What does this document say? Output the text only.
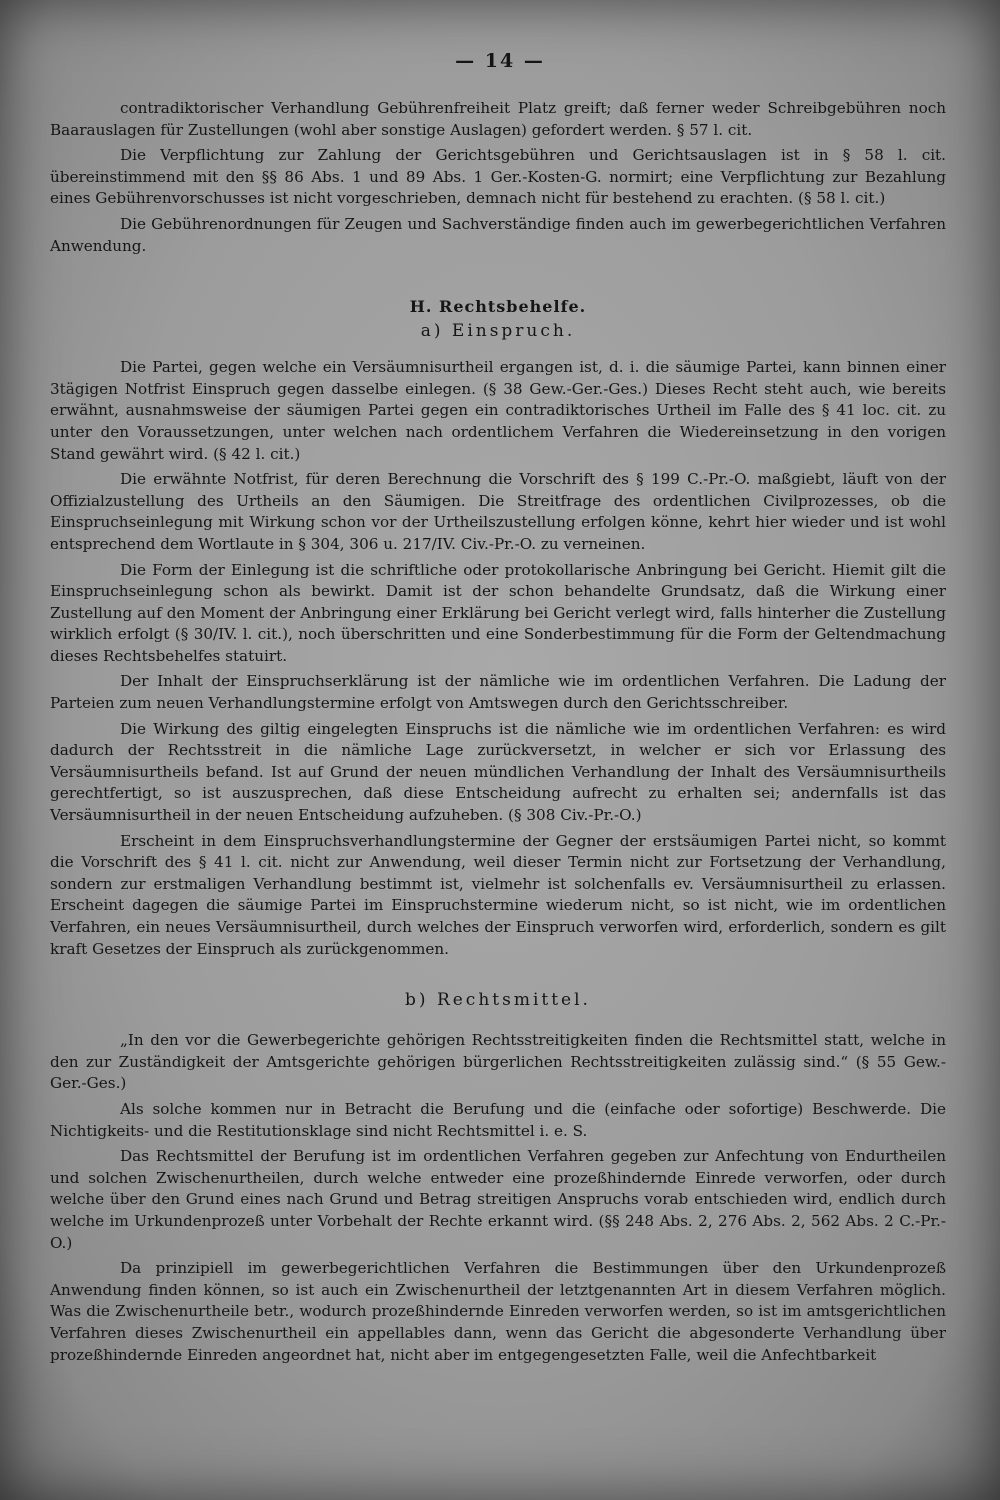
— 14 —

contradiktorischer Verhandlung Gebührenfreiheit Platz greift; daß ferner weder Schreibgebühren noch Baarauslagen für Zustellungen (wohl aber sonstige Auslagen) gefordert werden. § 57 l. cit.

Die Verpflichtung zur Zahlung der Gerichtsgebühren und Gerichtsauslagen ist in § 58 l. cit. übereinstimmend mit den §§ 86 Abs. 1 und 89 Abs. 1 Ger.-Kosten-G. normirt; eine Verpflichtung zur Bezahlung eines Gebührenvorschusses ist nicht vorgeschrieben, demnach nicht für bestehend zu erachten. (§ 58 l. cit.)

Die Gebührenordnungen für Zeugen und Sachverständige finden auch im gewerbegerichtlichen Verfahren Anwendung.

H. Rechtsbehelfe.
a) Einspruch.

Die Partei, gegen welche ein Versäumnisurtheil ergangen ist, d. i. die säumige Partei, kann binnen einer 3tägigen Notfrist Einspruch gegen dasselbe einlegen. (§ 38 Gew.-Ger.-Ges.) Dieses Recht steht auch, wie bereits erwähnt, ausnahmsweise der säumigen Partei gegen ein contradiktorisches Urtheil im Falle des § 41 loc. cit. zu unter den Voraussetzungen, unter welchen nach ordentlichem Verfahren die Wiedereinsetzung in den vorigen Stand gewährt wird. (§ 42 l. cit.)

Die erwähnte Notfrist, für deren Berechnung die Vorschrift des § 199 C.-Pr.-O. maßgiebt, läuft von der Offizialzustellung des Urtheils an den Säumigen. Die Streitfrage des ordentlichen Civilprozesses, ob die Einspruchseinlegung mit Wirkung schon vor der Urtheilszustellung erfolgen könne, kehrt hier wieder und ist wohl entsprechend dem Wortlaute in § 304, 306 u. 217/IV. Civ.-Pr.-O. zu verneinen.

Die Form der Einlegung ist die schriftliche oder protokollarische Anbringung bei Gericht. Hiemit gilt die Einspruchseinlegung schon als bewirkt. Damit ist der schon behandelte Grundsatz, daß die Wirkung einer Zustellung auf den Moment der Anbringung einer Erklärung bei Gericht verlegt wird, falls hinterher die Zustellung wirklich erfolgt (§ 30/IV. l. cit.), noch überschritten und eine Sonderbestimmung für die Form der Geltendmachung dieses Rechtsbehelfes statuirt.

Der Inhalt der Einspruchserklärung ist der nämliche wie im ordentlichen Verfahren. Die Ladung der Parteien zum neuen Verhandlungstermine erfolgt von Amtswegen durch den Gerichtsschreiber.

Die Wirkung des giltig eingelegten Einspruchs ist die nämliche wie im ordentlichen Verfahren: es wird dadurch der Rechtsstreit in die nämliche Lage zurückversetzt, in welcher er sich vor Erlassung des Versäumnisurtheils befand. Ist auf Grund der neuen mündlichen Verhandlung der Inhalt des Versäumnisurtheils gerechtfertigt, so ist auszusprechen, daß diese Entscheidung aufrecht zu erhalten sei; andernfalls ist das Versäumnisurtheil in der neuen Entscheidung aufzuheben. (§ 308 Civ.-Pr.-O.)

Erscheint in dem Einspruchsverhandlungstermine der Gegner der erstsäumigen Partei nicht, so kommt die Vorschrift des § 41 l. cit. nicht zur Anwendung, weil dieser Termin nicht zur Fortsetzung der Verhandlung, sondern zur erstmaligen Verhandlung bestimmt ist, vielmehr ist solchenfalls ev. Versäumnisurtheil zu erlassen. Erscheint dagegen die säumige Partei im Einspruchstermine wiederum nicht, so ist nicht, wie im ordentlichen Verfahren, ein neues Versäumnisurtheil, durch welches der Einspruch verworfen wird, erforderlich, sondern es gilt kraft Gesetzes der Einspruch als zurückgenommen.

b) Rechtsmittel.

„In den vor die Gewerbegerichte gehörigen Rechtsstreitigkeiten finden die Rechtsmittel statt, welche in den zur Zuständigkeit der Amtsgerichte gehörigen bürgerlichen Rechtsstreitigkeiten zulässig sind.“ (§ 55 Gew.-Ger.-Ges.)

Als solche kommen nur in Betracht die Berufung und die (einfache oder sofortige) Beschwerde. Die Nichtigkeits- und die Restitutionsklage sind nicht Rechtsmittel i. e. S.

Das Rechtsmittel der Berufung ist im ordentlichen Verfahren gegeben zur Anfechtung von Endurtheilen und solchen Zwischenurtheilen, durch welche entweder eine prozeßhindernde Einrede verworfen, oder durch welche über den Grund eines nach Grund und Betrag streitigen Anspruchs vorab entschieden wird, endlich durch welche im Urkundenprozeß unter Vorbehalt der Rechte erkannt wird. (§§ 248 Abs. 2, 276 Abs. 2, 562 Abs. 2 C.-Pr.-O.)

Da prinzipiell im gewerbegerichtlichen Verfahren die Bestimmungen über den Urkundenprozeß Anwendung finden können, so ist auch ein Zwischenurtheil der letztgenannten Art in diesem Verfahren möglich. Was die Zwischenurtheile betr., wodurch prozeßhindernde Einreden verworfen werden, so ist im amtsgerichtlichen Verfahren dieses Zwischenurtheil ein appellables dann, wenn das Gericht die abgesonderte Verhandlung über prozeßhindernde Einreden angeordnet hat, nicht aber im entgegengesetzten Falle, weil die Anfechtbarkeit
